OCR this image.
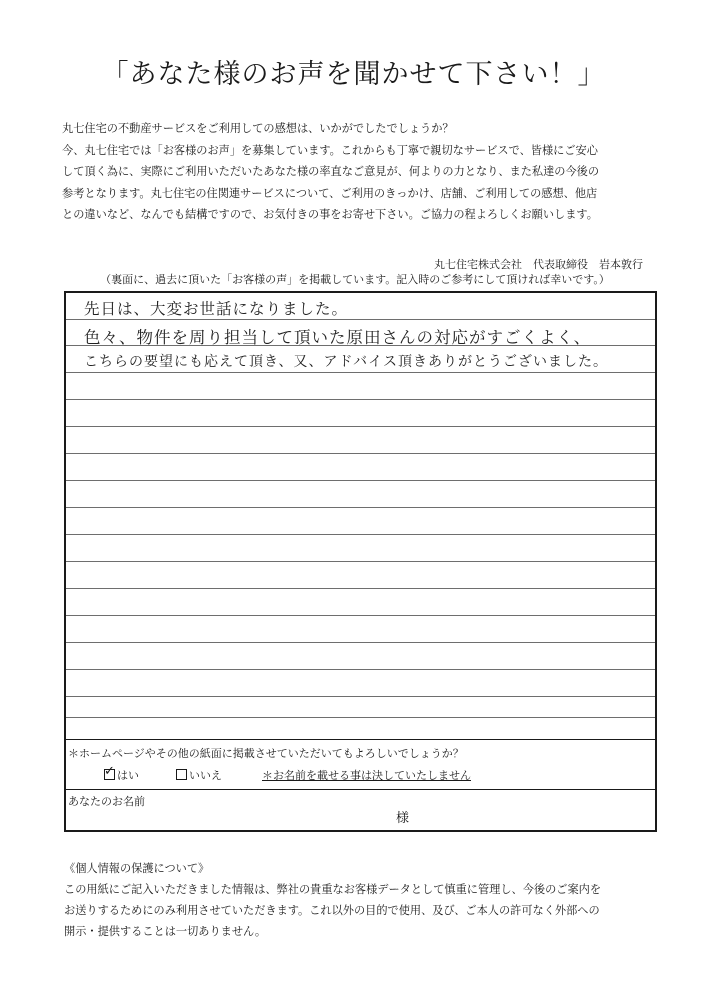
「あなた様のお声を聞かせて下さい！」

丸七住宅の不動産サービスをご利用しての感想は、いかがでしたでしょうか？

今、丸七住宅では「お客様のお声」を募集しています。これからも丁寧で親切なサービスで、皆様にご安心

して頂く為に、実際にご利用いただいたあなた様の率直なご意見が、何よりの力となり、また私達の今後の

参考となります。丸七住宅の住関連サービスについて、ご利用のきっかけ、店舗、ご利用しての感想、他店

との違いなど、なんでも結構ですので、お気付きの事をお寄せ下さい。ご協力の程よろしくお願いします。

丸七住宅株式会社　代表取締役　岩本敦行
（裏面に、過去に頂いた「お客様の声」を掲載しています。記入時のご参考にして頂ければ幸いです。）
先日は、大変お世話になりました。
色々、物件を周り担当して頂いた原田さんの対応がすごくよく、
こちらの要望にも応えて頂き、又、アドバイス頂きありがとうございました。
＊ホームページやその他の紙面に掲載させていただいてもよろしいでしょうか？
✓ はい	いいえ	＊お名前を載せる事は決していたしません
あなたのお名前
様

《個人情報の保護について》

この用紙にご記入いただきました情報は、弊社の貴重なお客様データとして慎重に管理し、今後のご案内を

お送りするためにのみ利用させていただきます。これ以外の目的で使用、及び、ご本人の許可なく外部への

開示・提供することは一切ありません。
